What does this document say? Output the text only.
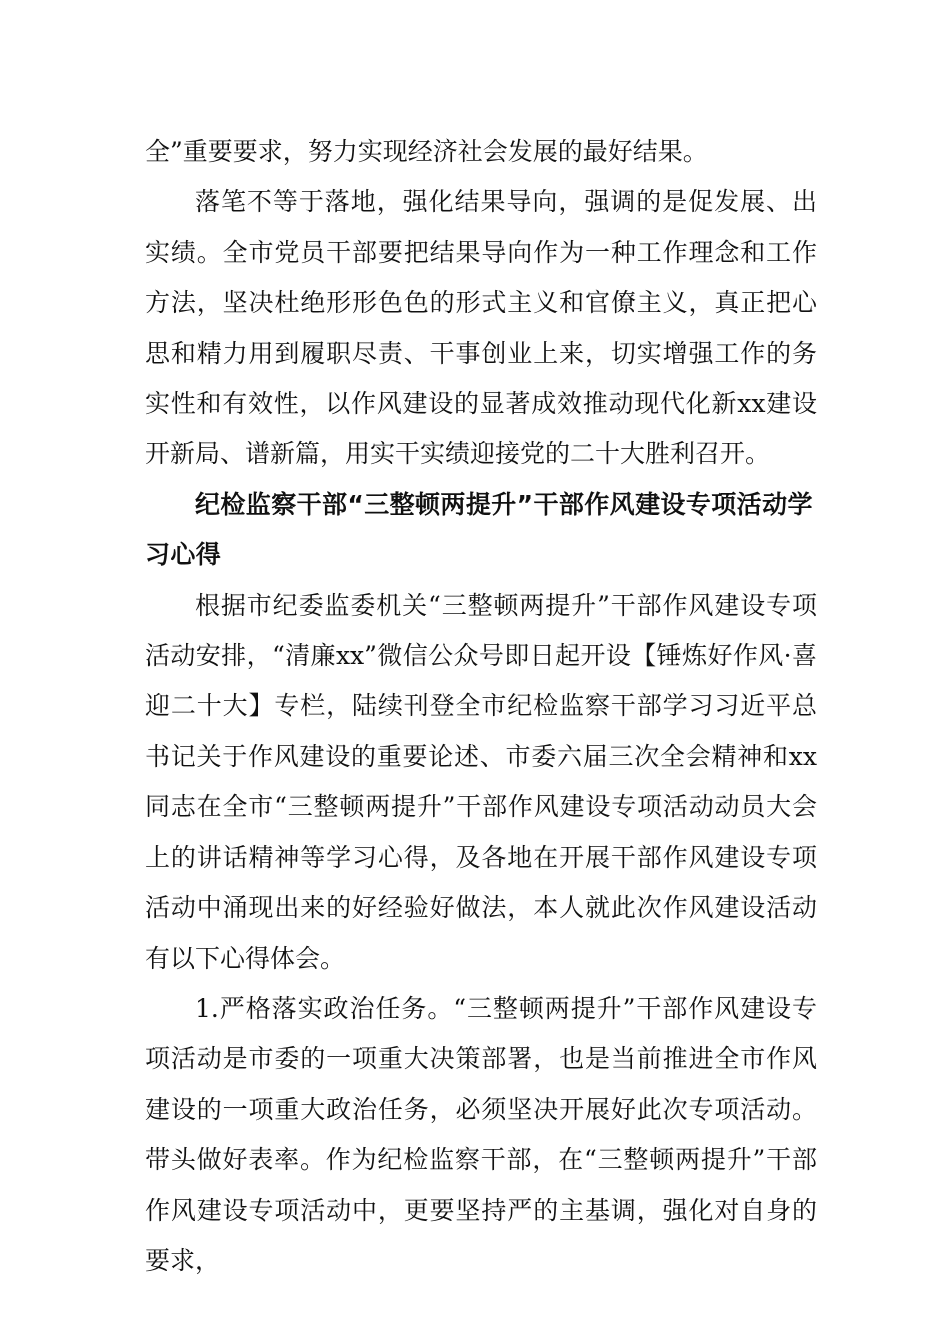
全”重要要求，努力实现经济社会发展的最好结果。

落笔不等于落地，强化结果导向，强调的是促发展、出实绩。全市党员干部要把结果导向作为一种工作理念和工作方法，坚决杜绝形形色色的形式主义和官僚主义，真正把心思和精力用到履职尽责、干事创业上来，切实增强工作的务实性和有效性，以作风建设的显著成效推动现代化新xx建设开新局、谱新篇，用实干实绩迎接党的二十大胜利召开。

纪检监察干部“三整顿两提升”干部作风建设专项活动学习心得

根据市纪委监委机关“三整顿两提升”干部作风建设专项活动安排，“清廉xx”微信公众号即日起开设【锤炼好作风·喜迎二十大】专栏，陆续刊登全市纪检监察干部学习习近平总书记关于作风建设的重要论述、市委六届三次全会精神和xx同志在全市“三整顿两提升”干部作风建设专项活动动员大会上的讲话精神等学习心得，及各地在开展干部作风建设专项活动中涌现出来的好经验好做法，本人就此次作风建设活动有以下心得体会。

1.严格落实政治任务。“三整顿两提升”干部作风建设专项活动是市委的一项重大决策部署，也是当前推进全市作风建设的一项重大政治任务，必须坚决开展好此次专项活动。带头做好表率。作为纪检监察干部，在“三整顿两提升”干部作风建设专项活动中，更要坚持严的主基调，强化对自身的要求，
